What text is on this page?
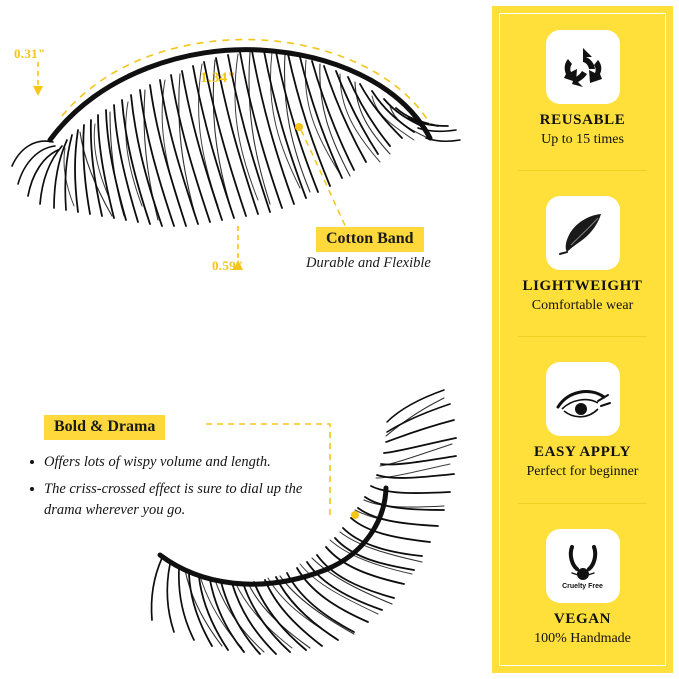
0.31"
1.34"
0.59"
Cotton Band
Durable and Flexible
Bold & Drama
Offers lots of wispy volume and length.
The criss-crossed effect is sure to dial up the drama wherever you go.
REUSABLE
Up to 15 times
LIGHTWEIGHT
Comfortable wear
EASY APPLY
Perfect for beginner
Cruelty Free
VEGAN
100% Handmade
